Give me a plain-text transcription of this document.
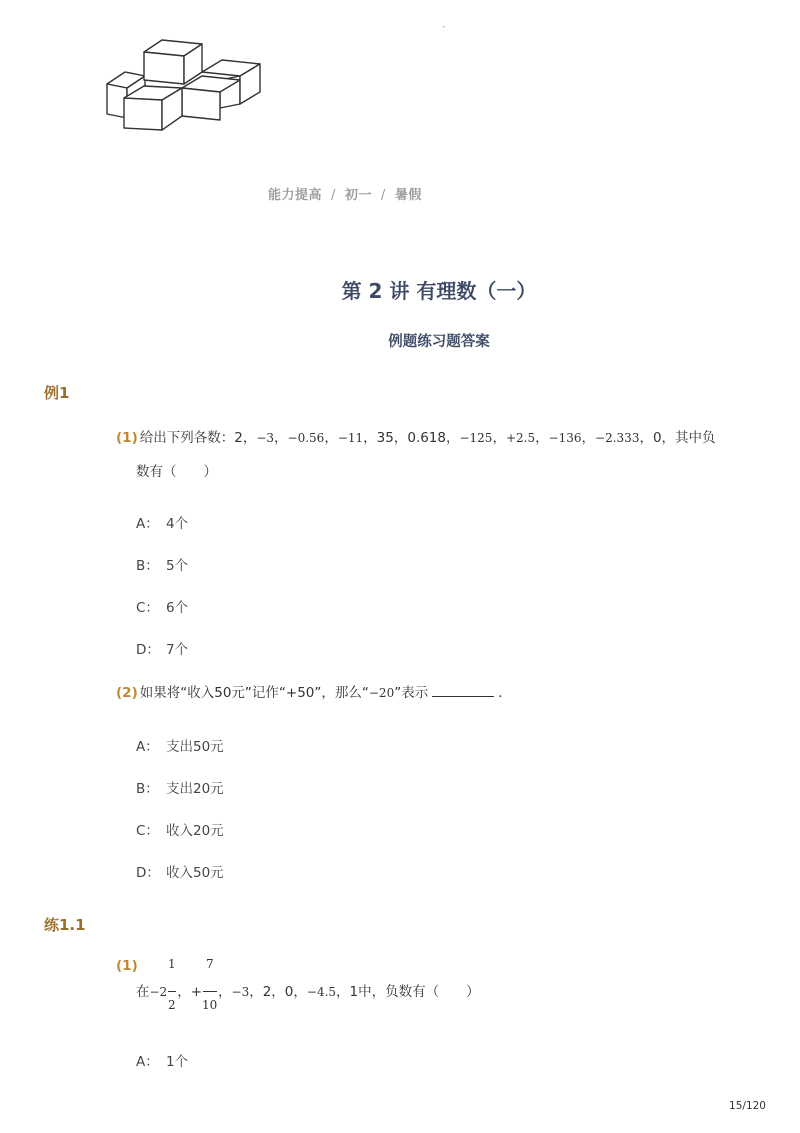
-
能力提高 / 初一 / 暑假
第 2 讲 有理数（一）
例题练习题答案
例1
(1) 给出下列各数：2，−3，−0.56，−11，35，0.618，−125，+2.5，−136，−2.333，0，其中负
数有（　　）
A： 4个
B： 5个
C： 6个
D： 7个
(2) 如果将“收入50元”记作“+50”，那么“−20”表示	．
A： 支出50元
B： 支出20元
C： 收入20元
D： 收入50元
练1.1
(1)	1
2
7
10
在−2 ，+ ，−3，2，0，−4.5，1中，负数有（　　）
A： 1个
15/120
